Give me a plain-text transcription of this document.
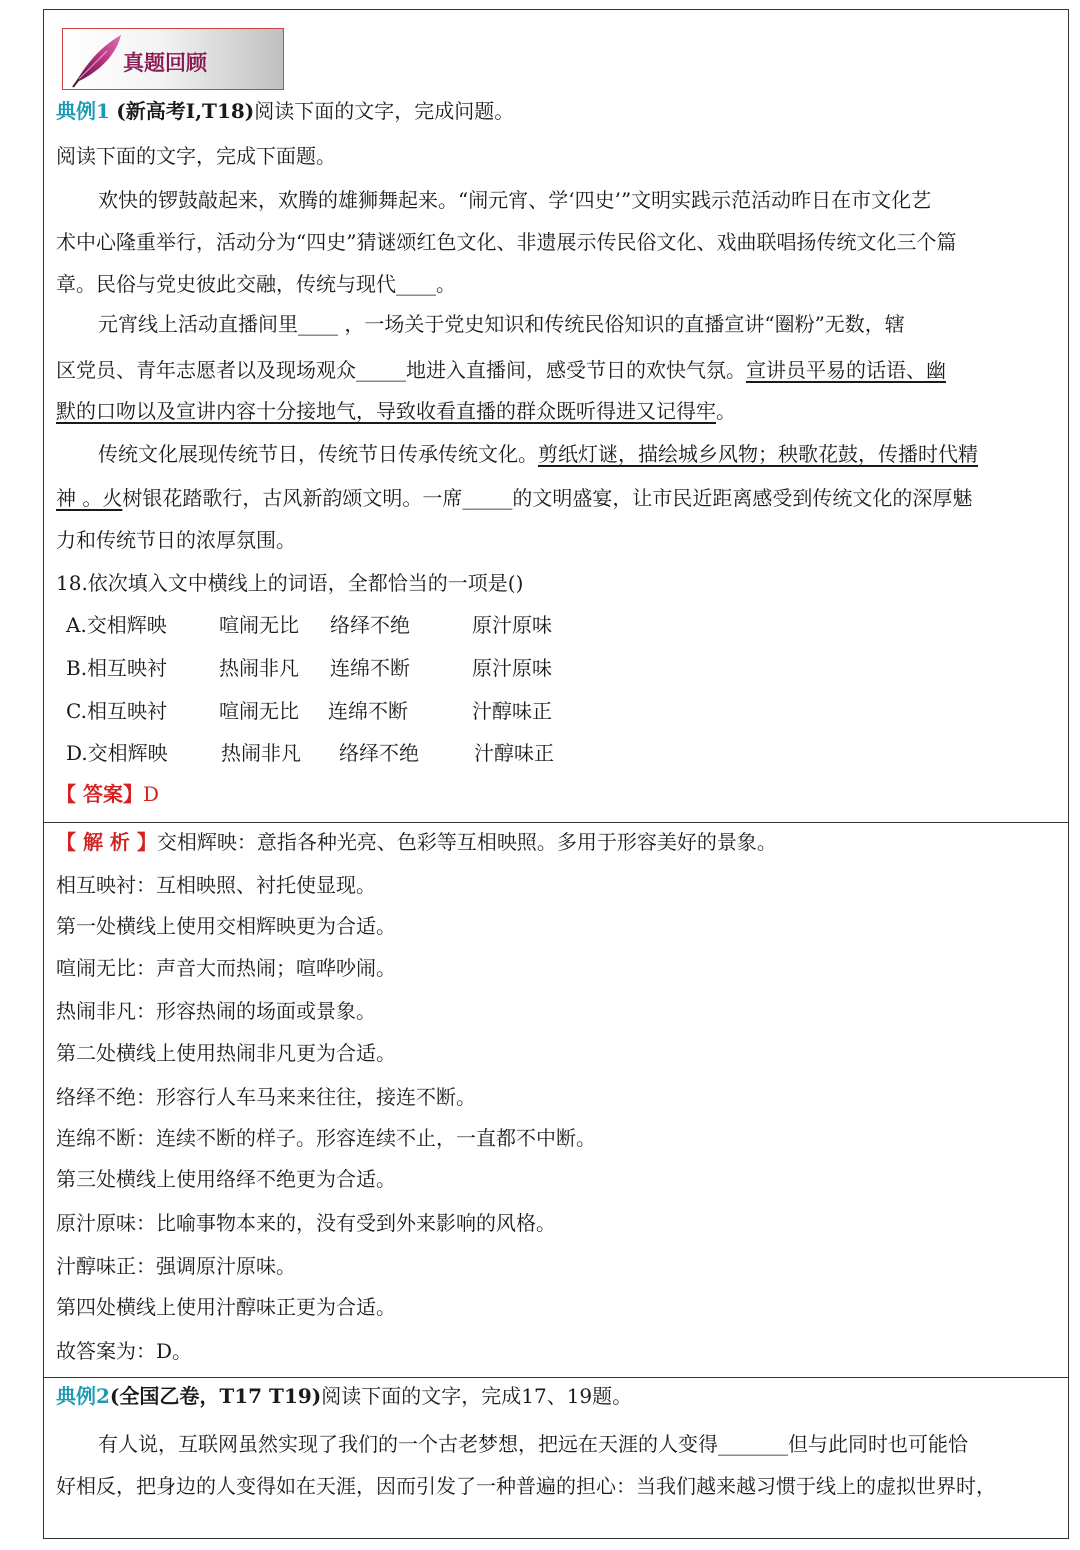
真题回顾
典例1 (新高考I,T18)阅读下面的文字，完成问题。
阅读下面的文字，完成下面题。
欢快的锣鼓敲起来，欢腾的雄狮舞起来。“闹元宵、学‘四史’”文明实践示范活动昨日在市文化艺
术中心隆重举行，活动分为“四史”猜谜颂红色文化、非遗展示传民俗文化、戏曲联唱扬传统文化三个篇
章。民俗与党史彼此交融，传统与现代____。
元宵线上活动直播间里____ ，一场关于党史知识和传统民俗知识的直播宣讲“圈粉”无数，辖
区党员、青年志愿者以及现场观众_____地进入直播间，感受节日的欢快气氛。宣讲员平易的话语、幽
默的口吻以及宣讲内容十分接地气，导致收看直播的群众既听得进又记得牢。
传统文化展现传统节日，传统节日传承传统文化。剪纸灯谜，描绘城乡风物；秧歌花鼓，传播时代精
神 。火树银花踏歌行，古风新韵颂文明。一席_____的文明盛宴，让市民近距离感受到传统文化的深厚魅
力和传统节日的浓厚氛围。
18.依次填入文中横线上的词语，全都恰当的一项是()
A.交相辉映	喧闹无比 络绎不绝	原汁原味
B.相互映衬	热闹非凡 连绵不断	原汁原味
C.相互映衬	喧闹无比 连绵不断	汁醇味正
D.交相辉映	热闹非凡 络绎不绝	汁醇味正
【 答案】D
【 解 析 】交相辉映：意指各种光亮、色彩等互相映照。多用于形容美好的景象。
相互映衬：互相映照、衬托使显现。
第一处横线上使用交相辉映更为合适。
喧闹无比：声音大而热闹；喧哗吵闹。
热闹非凡：形容热闹的场面或景象。
第二处横线上使用热闹非凡更为合适。
络绎不绝：形容行人车马来来往往，接连不断。
连绵不断：连续不断的样子。形容连续不止，一直都不中断。
第三处横线上使用络绎不绝更为合适。
原汁原味：比喻事物本来的，没有受到外来影响的风格。
汁醇味正：强调原汁原味。
第四处横线上使用汁醇味正更为合适。
故答案为：D。
典例2(全国乙卷，T17 T19)阅读下面的文字，完成17、19题。
有人说，互联网虽然实现了我们的一个古老梦想，把远在天涯的人变得_______但与此同时也可能恰
好相反，把身边的人变得如在天涯，因而引发了一种普遍的担心：当我们越来越习惯于线上的虚拟世界时，
